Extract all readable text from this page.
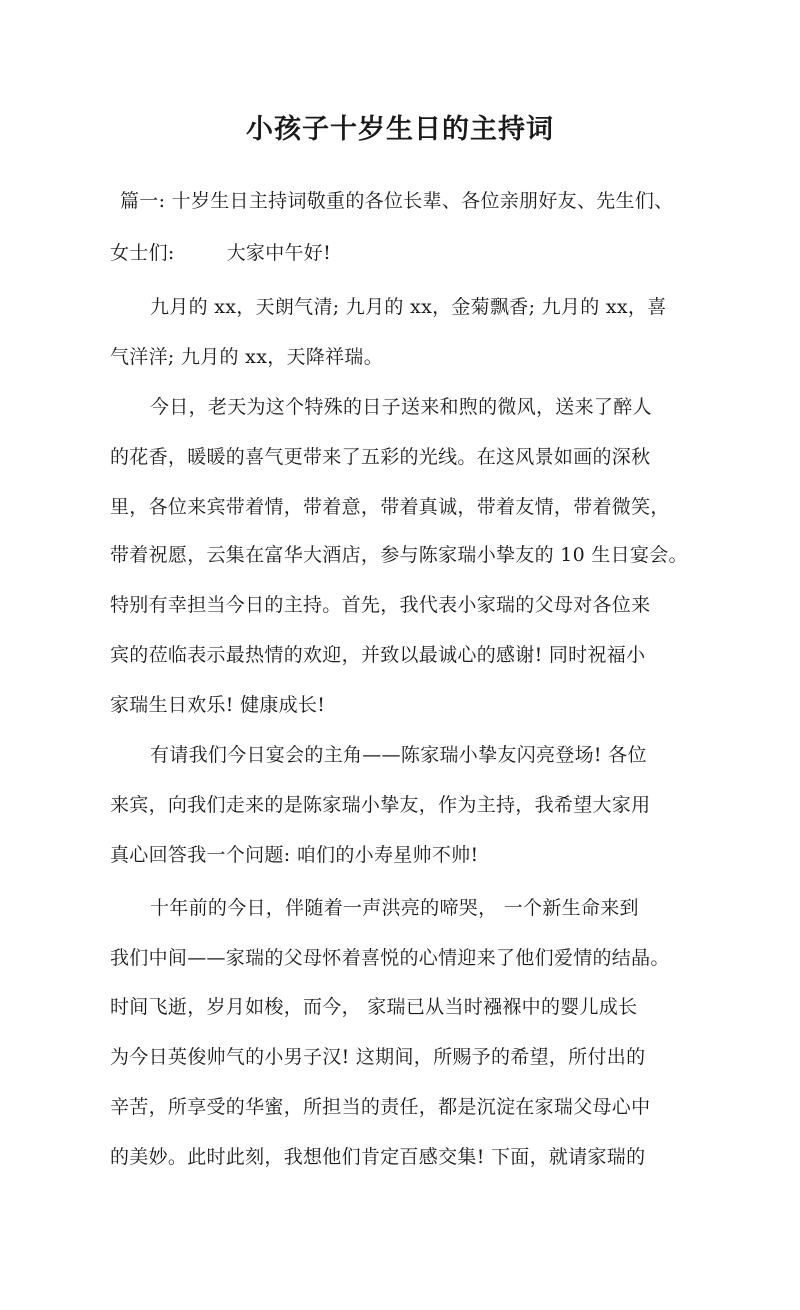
小孩子十岁生日的主持词
篇一: 十岁生日主持词敬重的各位长辈、各位亲朋好友、先生们、
女士们:	大家中午好!
九月的 xx，天朗气清; 九月的 xx，金菊飘香; 九月的 xx，喜
气洋洋; 九月的 xx，天降祥瑞。
今日，老天为这个特殊的日子送来和煦的微风，送来了醉人
的花香，暖暖的喜气更带来了五彩的光线。在这风景如画的深秋
里，各位来宾带着情，带着意，带着真诚，带着友情，带着微笑，
带着祝愿，云集在富华大酒店，参与陈家瑞小挚友的 10 生日宴会。
特别有幸担当今日的主持。首先，我代表小家瑞的父母对各位来
宾的莅临表示最热情的欢迎，并致以最诚心的感谢! 同时祝福小
家瑞生日欢乐! 健康成长!
有请我们今日宴会的主角——陈家瑞小挚友闪亮登场! 各位
来宾，向我们走来的是陈家瑞小挚友，作为主持，我希望大家用
真心回答我一个问题: 咱们的小寿星帅不帅!
十年前的今日，伴随着一声洪亮的啼哭， 一个新生命来到
我们中间——家瑞的父母怀着喜悦的心情迎来了他们爱情的结晶。
时间飞逝，岁月如梭，而今， 家瑞已从当时襁褓中的婴儿成长
为今日英俊帅气的小男子汉! 这期间，所赐予的希望，所付出的
辛苦，所享受的华蜜，所担当的责任，都是沉淀在家瑞父母心中
的美妙。此时此刻，我想他们肯定百感交集! 下面，就请家瑞的
